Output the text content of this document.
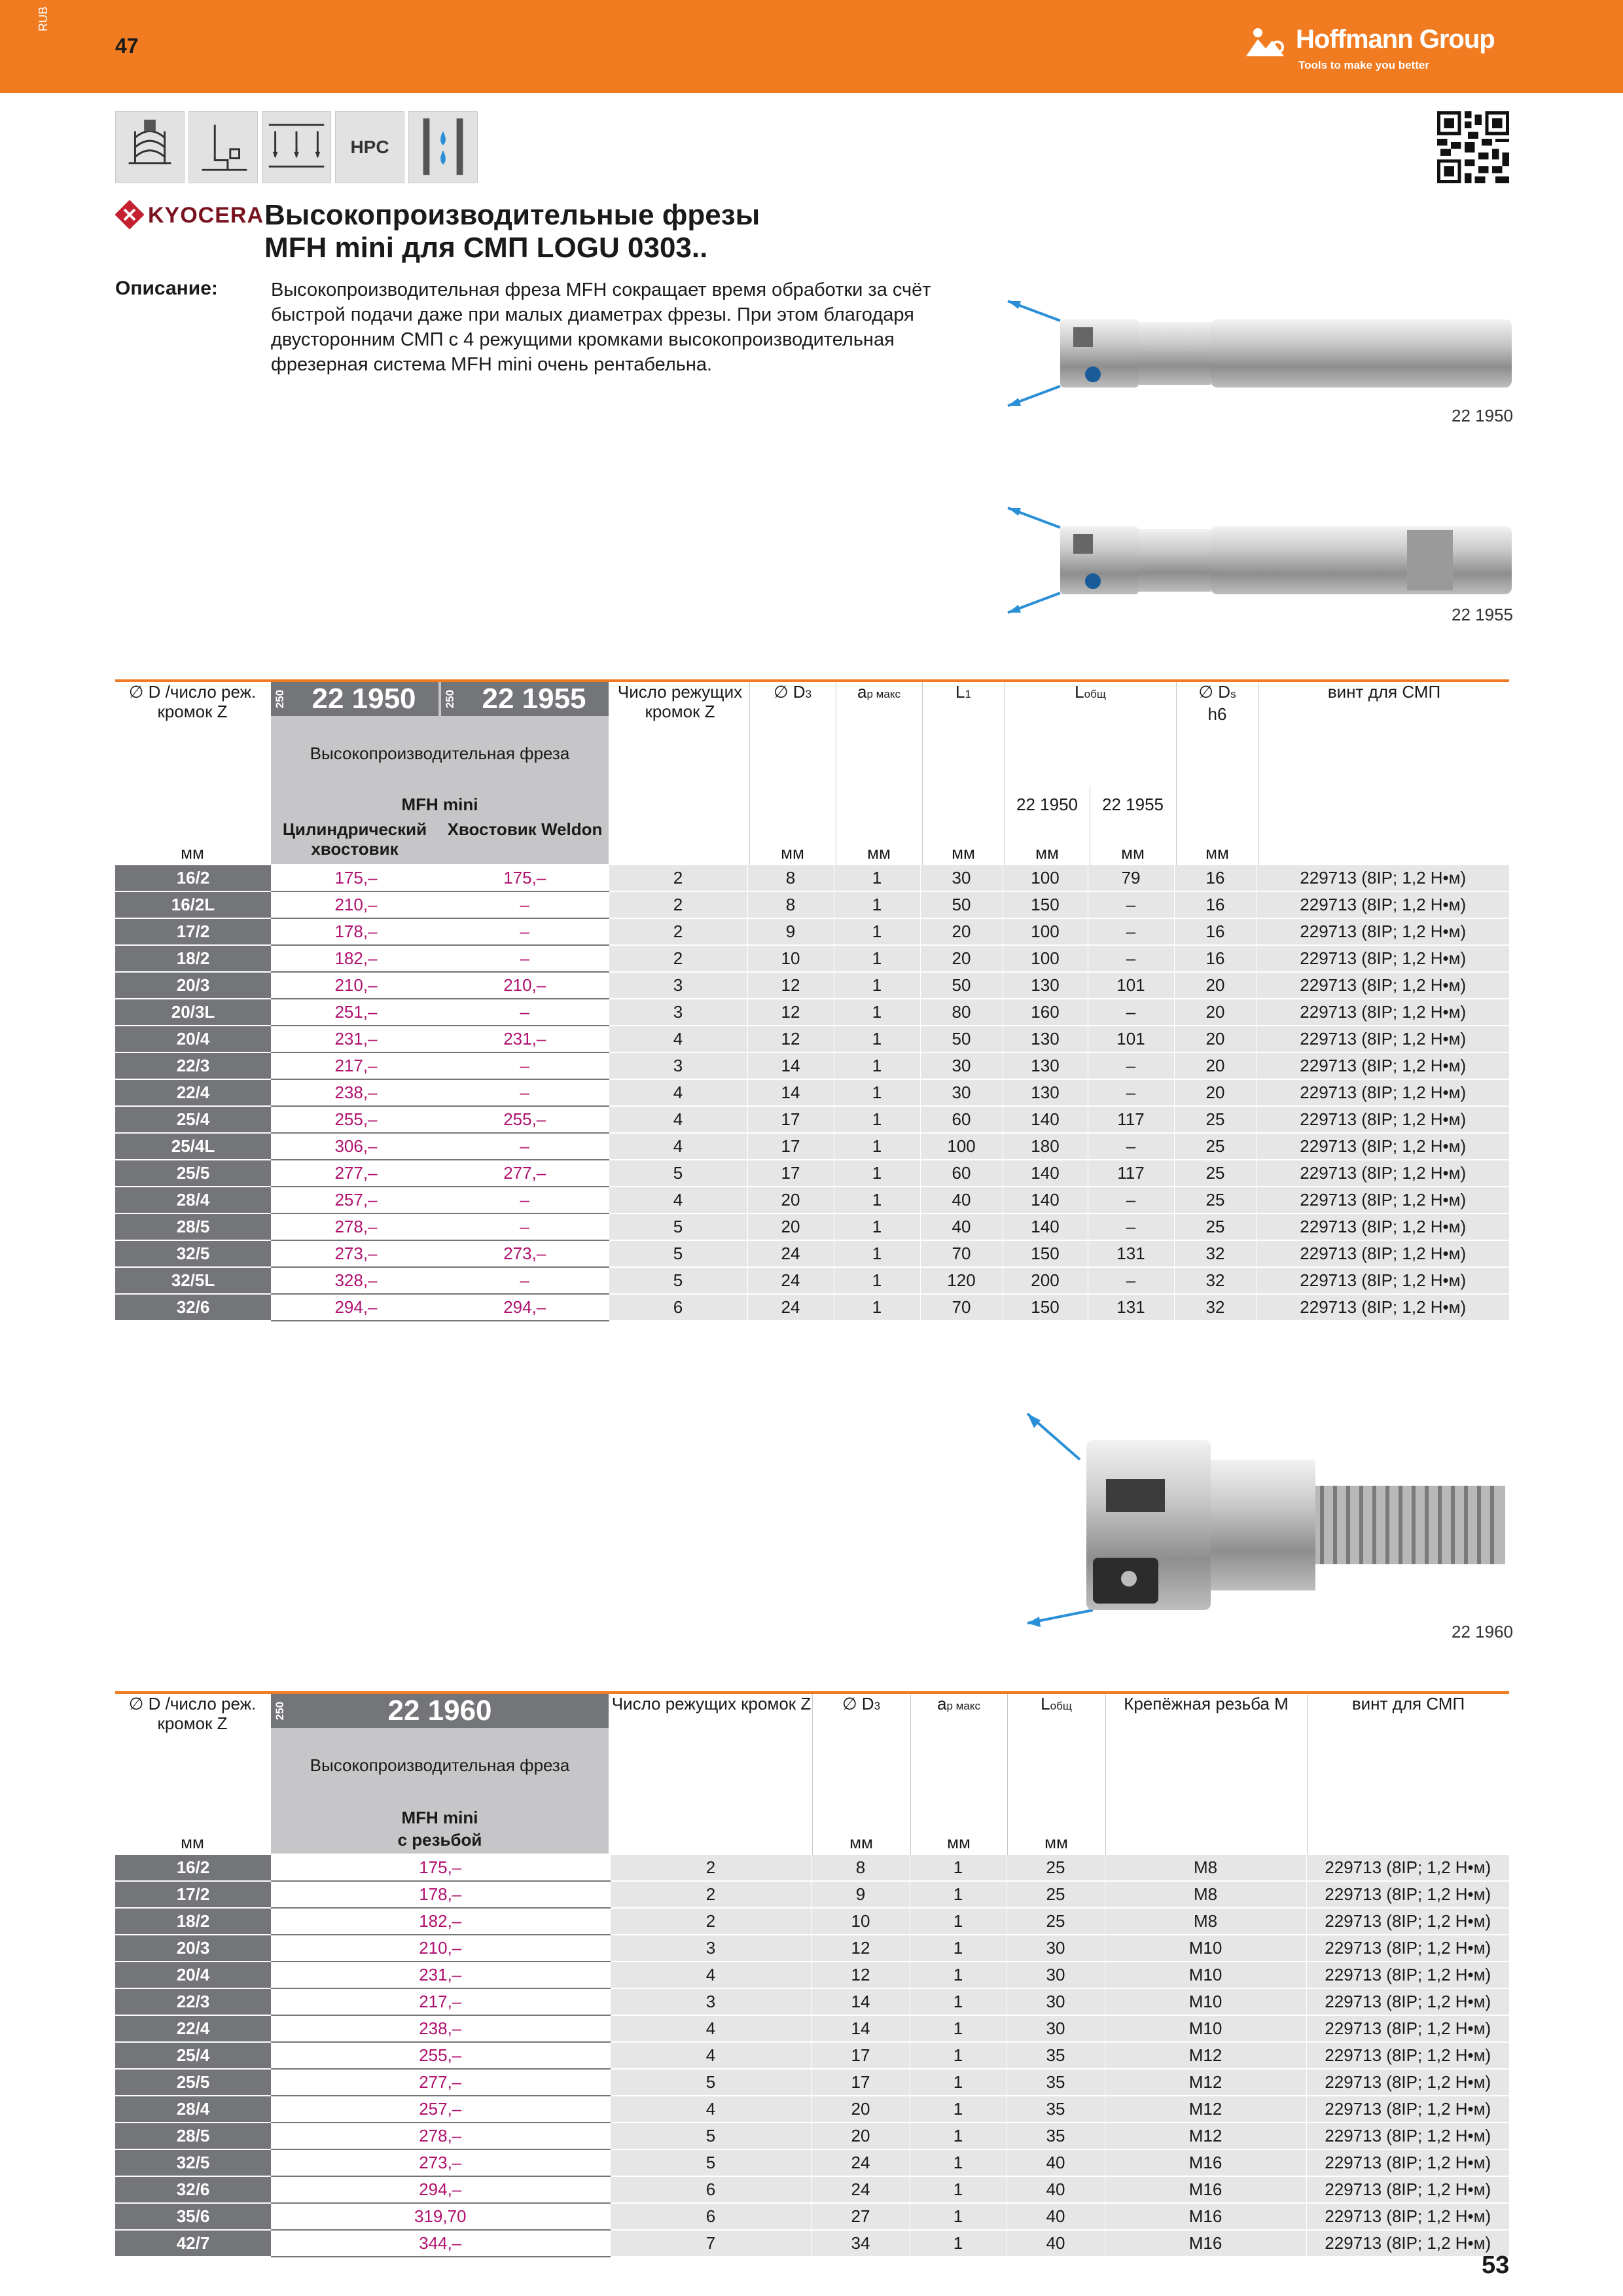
RUB
47	Hoffmann Group
Tools to make you better
HPC
KYOCERA Высокопроизводительные фрезы
MFH mini для СМП LOGU 0303..
Описание:	Высокопроизводительная фреза MFH сокращает время обработки за счёт быстрой подачи даже при малых диаметрах фрезы. При этом благодаря двусторонним СМП с 4 режущими кромками высокопроизводительная фрезерная система MFH mini очень рентабельна.
22 1950
22 1955
22 1960
250 22 1950	250 22 1955
∅ D /число реж. кромок Z
мм
Высокопроизводительная фреза
MFH mini
Цилиндрический хвостовик
Хвостовик Weldon
Число режущих кромок Z
∅ D3
мм
мм
ap макс	L1
мм
Lобщ
22 1950	22 1955
мм	мм
∅ Ds
h6
мм
винт для СМП
16/2	175,–	175,–	2	8	1	30	100	79	16	229713 (8IP; 1,2 Н•м)
16/2L	210,–	–	2	8	1	50	150	–	16	229713 (8IP; 1,2 Н•м)
17/2	178,–	–	2	9	1	20	100	–	16	229713 (8IP; 1,2 Н•м)
18/2	182,–	–	2	10	1	20	100	–	16	229713 (8IP; 1,2 Н•м)
20/3	210,–	210,–	3	12	1	50	130	101	20	229713 (8IP; 1,2 Н•м)
20/3L	251,–	–	3	12	1	80	160	–	20	229713 (8IP; 1,2 Н•м)
20/4	231,–	231,–	4	12	1	50	130	101	20	229713 (8IP; 1,2 Н•м)
22/3	217,–	–	3	14	1	30	130	–	20	229713 (8IP; 1,2 Н•м)
22/4	238,–	–	4	14	1	30	130	–	20	229713 (8IP; 1,2 Н•м)
25/4	255,–	255,–	4	17	1	60	140	117	25	229713 (8IP; 1,2 Н•м)
25/4L	306,–	–	4	17	1	100	180	–	25	229713 (8IP; 1,2 Н•м)
25/5	277,–	277,–	5	17	1	60	140	117	25	229713 (8IP; 1,2 Н•м)
28/4	257,–	–	4	20	1	40	140	–	25	229713 (8IP; 1,2 Н•м)
28/5	278,–	–	5	20	1	40	140	–	25	229713 (8IP; 1,2 Н•м)
32/5	273,–	273,–	5	24	1	70	150	131	32	229713 (8IP; 1,2 Н•м)
32/5L	328,–	–	5	24	1	120	200	–	32	229713 (8IP; 1,2 Н•м)
32/6	294,–	294,–	6	24	1	70	150	131	32	229713 (8IP; 1,2 Н•м)
250	22 1960
∅ D /число реж. кромок Z
мм
Высокопроизводительная фреза
MFH mini
с резьбой
Число режущих кромок Z	∅ D3
мм
ap макс
мм
Lобщ
мм
Крепёжная резьба M	винт для СМП
16/2	175,–	2	8	1	25	M8	229713 (8IP; 1,2 Н•м)
17/2	178,–	2	9	1	25	M8	229713 (8IP; 1,2 Н•м)
18/2	182,–	2	10	1	25	M8	229713 (8IP; 1,2 Н•м)
20/3	210,–	3	12	1	30	M10	229713 (8IP; 1,2 Н•м)
20/4	231,–	4	12	1	30	M10	229713 (8IP; 1,2 Н•м)
22/3	217,–	3	14	1	30	M10	229713 (8IP; 1,2 Н•м)
22/4	238,–	4	14	1	30	M10	229713 (8IP; 1,2 Н•м)
25/4	255,–	4	17	1	35	M12	229713 (8IP; 1,2 Н•м)
25/5	277,–	5	17	1	35	M12	229713 (8IP; 1,2 Н•м)
28/4	257,–	4	20	1	35	M12	229713 (8IP; 1,2 Н•м)
28/5	278,–	5	20	1	35	M12	229713 (8IP; 1,2 Н•м)
32/5	273,–	5	24	1	40	M16	229713 (8IP; 1,2 Н•м)
32/6	294,–	6	24	1	40	M16	229713 (8IP; 1,2 Н•м)
35/6	319,70	6	27	1	40	M16	229713 (8IP; 1,2 Н•м)
42/7	344,–	7	34	1	40	M16	229713 (8IP; 1,2 Н•м)
53
